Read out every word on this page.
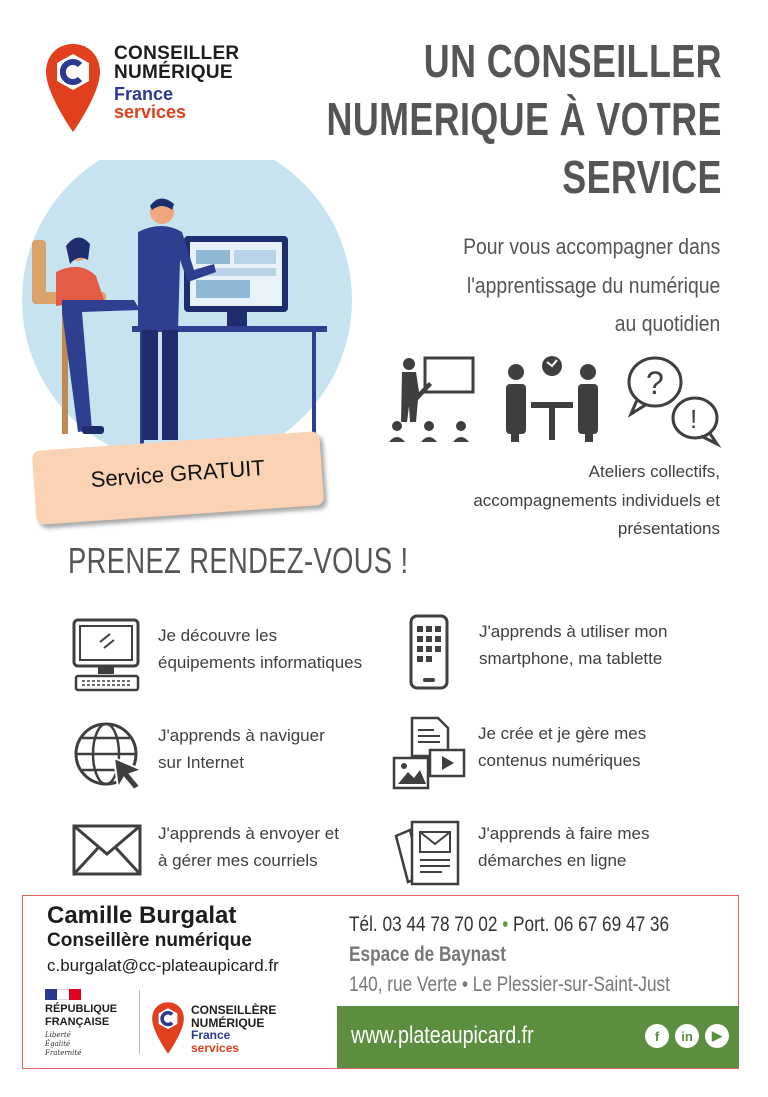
CONSEILLER
NUMÉRIQUE
France
services
UN CONSEILLER
NUMERIQUE À VOTRE
SERVICE
Pour vous accompagner dans
l'apprentissage du numérique
au quotidien
Service GRATUIT
?
!
Ateliers collectifs,
accompagnements individuels et
présentations
PRENEZ RENDEZ-VOUS !
Je découvre les
équipements informatiques
J'apprends à utiliser mon
smartphone, ma tablette
J'apprends à naviguer
sur Internet
Je crée et je gère mes
contenus numériques
J'apprends à envoyer et
à gérer mes courriels
J'apprends à faire mes
démarches en ligne
Camille Burgalat
Conseillère numérique
c.burgalat@cc-plateaupicard.fr
RÉPUBLIQUE
FRANÇAISE
Liberté
Égalité
Fraternité
CONSEILLÈRE
NUMÉRIQUE
France
services
Tél. 03 44 78 70 02 • Port. 06 67 69 47 36
Espace de Baynast
140, rue Verte • Le Plessier-sur-Saint-Just
www.plateaupicard.fr	f	in	▶
